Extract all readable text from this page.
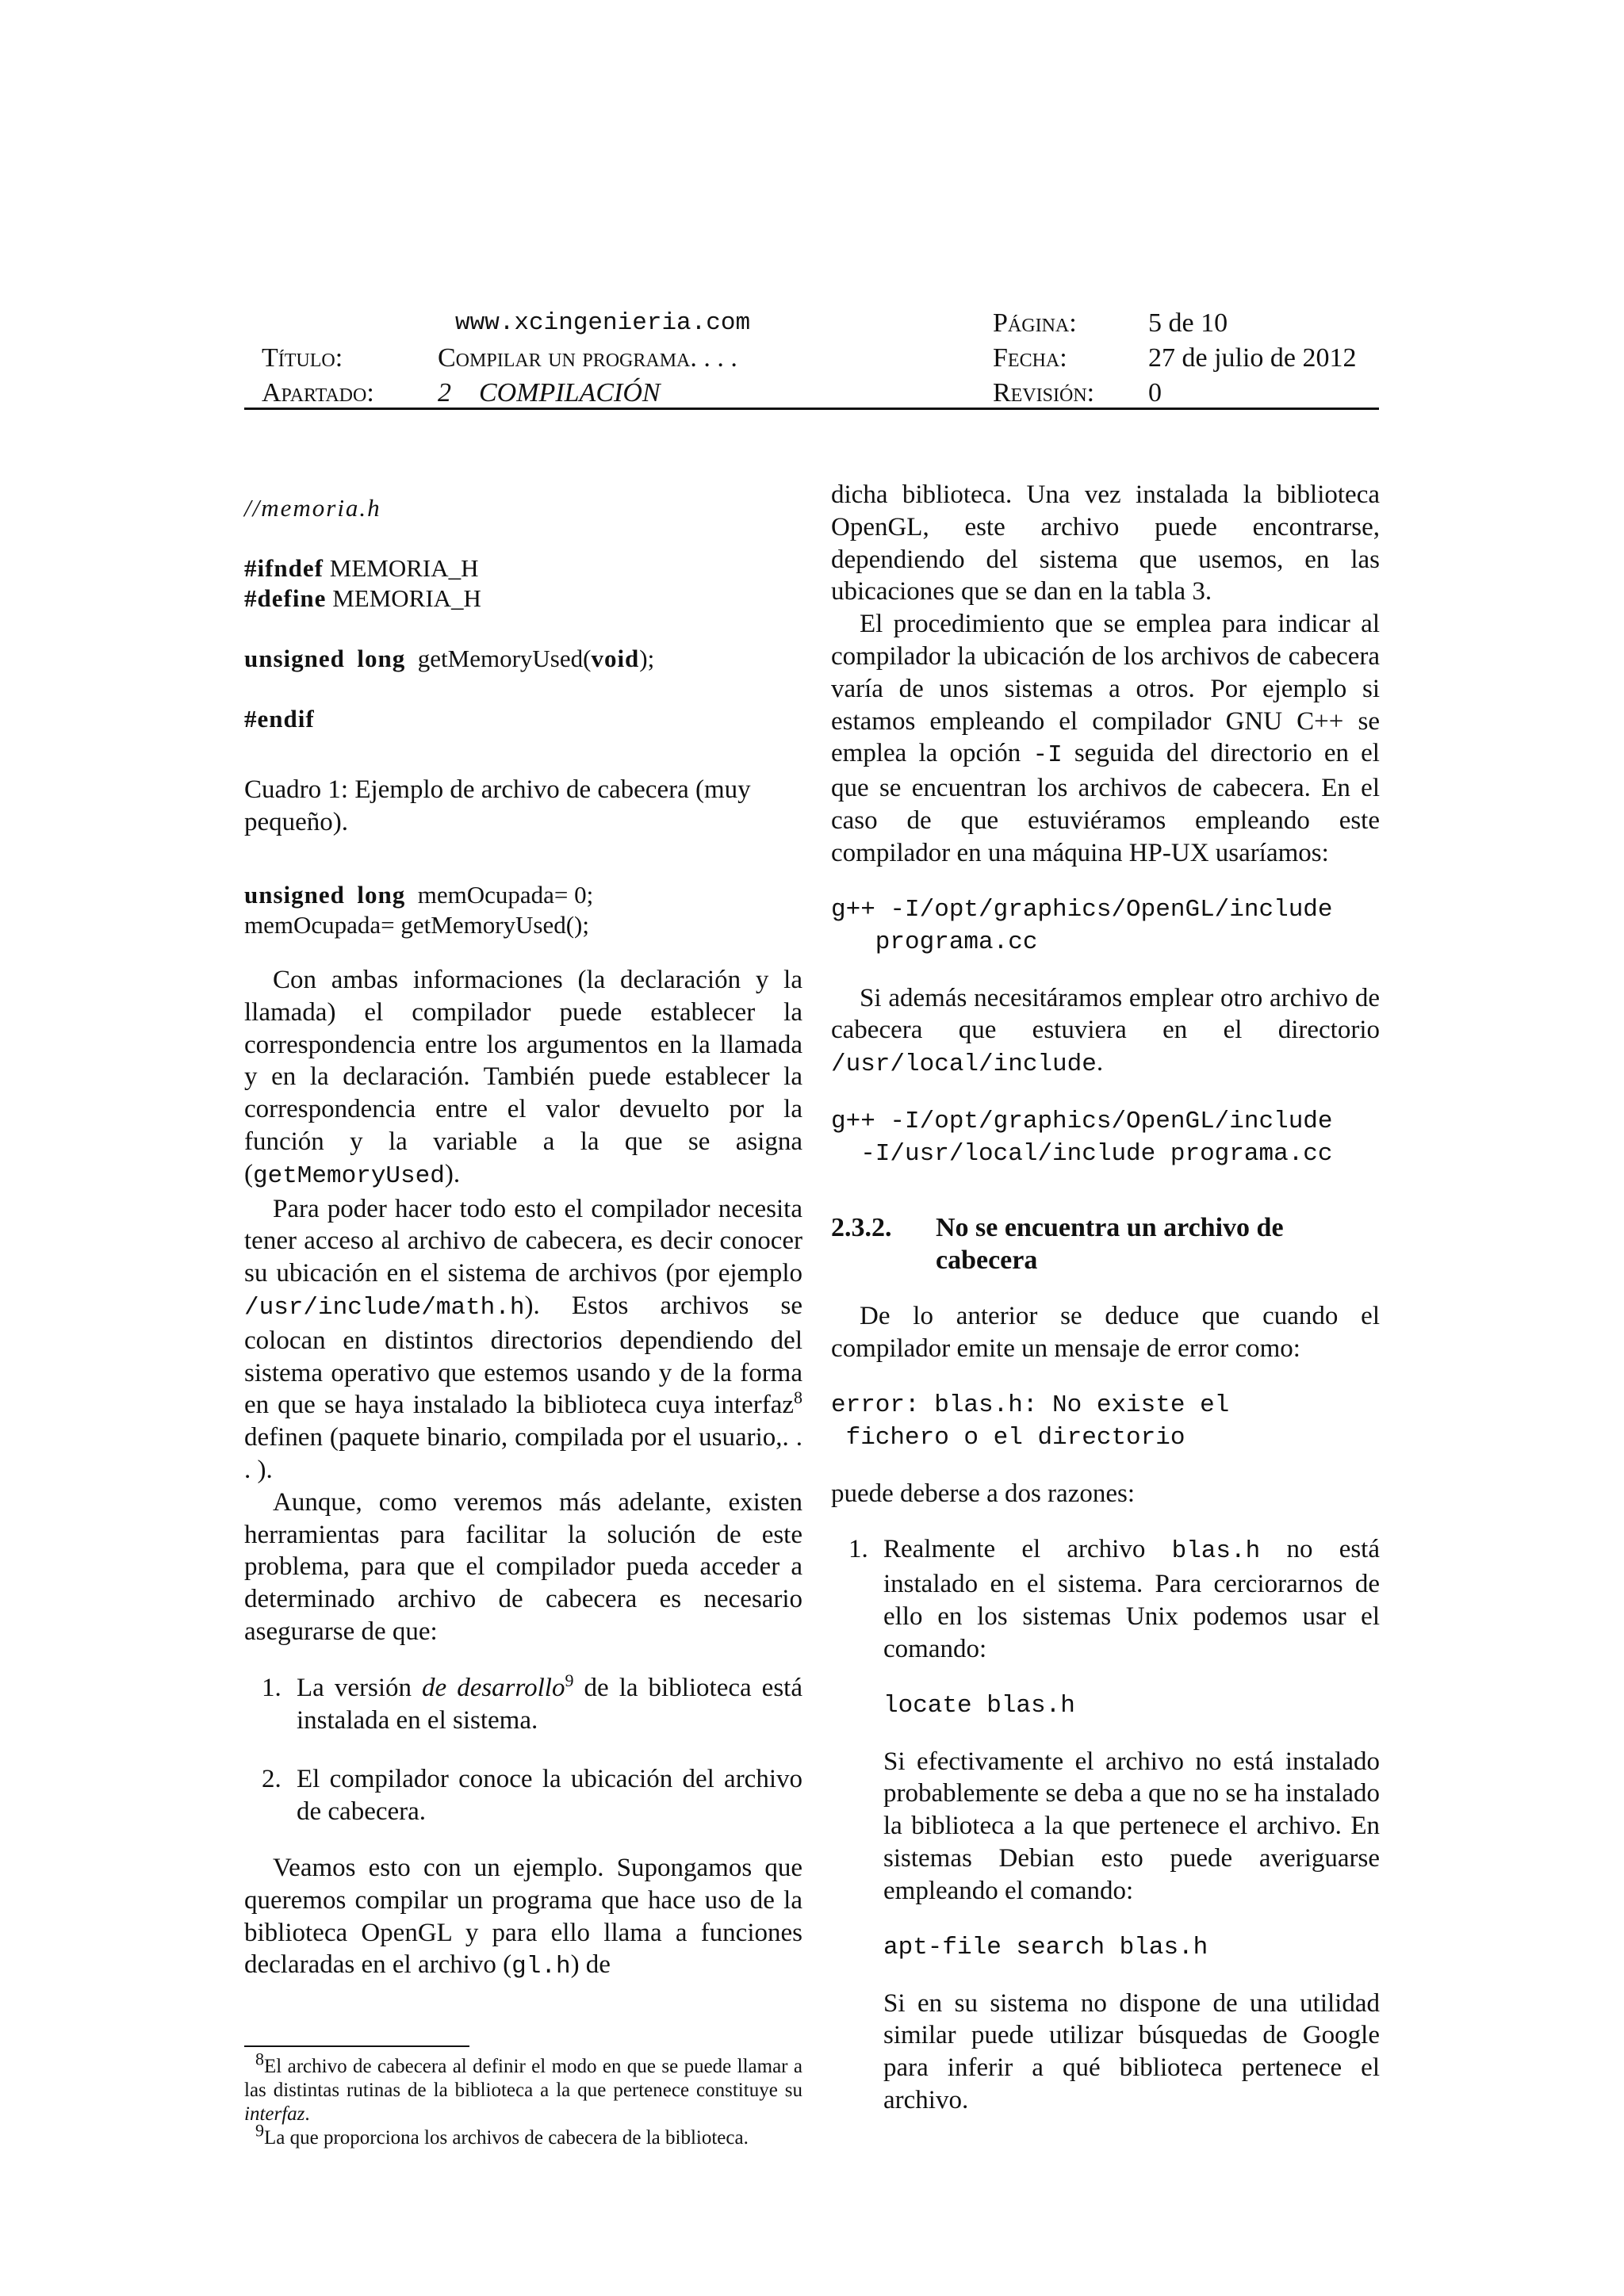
www.xcingenieria.com
Título:	Compilar un programa. . . .
Apartado: 2 COMPILACIÓN
Página:	5 de 10
Fecha:	27 de julio de 2012
Revisión: 0
//memoria.h
#ifndef MEMORIA_H
#define MEMORIA_H
unsigned long getMemoryUsed(void);
#endif

Cuadro 1: Ejemplo de archivo de cabecera (muy pequeño).

unsigned long memOcupada= 0;
memOcupada= getMemoryUsed();

Con ambas informaciones (la declaración y la llamada) el compilador puede establecer la correspondencia entre los argumentos en la llamada y en la declaración. También puede establecer la correspondencia entre el valor devuelto por la función y la variable a la que se asigna (getMemoryUsed).

Para poder hacer todo esto el compilador necesita tener acceso al archivo de cabecera, es decir conocer su ubicación en el sistema de archivos (por ejemplo /usr/include/math.h). Estos archivos se colocan en distintos directorios dependiendo del sistema operativo que estemos usando y de la forma en que se haya instalado la biblioteca cuya interfaz$^8$ definen (paquete binario, compilada por el usuario,. . . ).

Aunque, como veremos más adelante, existen herramientas para facilitar la solución de este problema, para que el compilador pueda acceder a determinado archivo de cabecera es necesario asegurarse de que:

1. La versión de desarrollo$^9$ de la biblioteca está instalada en el sistema.
2. El compilador conoce la ubicación del archivo de cabecera.

Veamos esto con un ejemplo. Supongamos que queremos compilar un programa que hace uso de la biblioteca OpenGL y para ello llama a funciones declaradas en el archivo (gl.h) de

$^8$El archivo de cabecera al definir el modo en que se puede llamar a las distintas rutinas de la biblioteca a la que pertenece constituye su interfaz.

$^9$La que proporciona los archivos de cabecera de la biblioteca.

dicha biblioteca. Una vez instalada la biblioteca OpenGL, este archivo puede encontrarse, dependiendo del sistema que usemos, en las ubicaciones que se dan en la tabla 3.

El procedimiento que se emplea para indicar al compilador la ubicación de los archivos de cabecera varía de unos sistemas a otros. Por ejemplo si estamos empleando el compilador GNU C++ se emplea la opción -I seguida del directorio en el que se encuentran los archivos de cabecera. En el caso de que estuviéramos empleando este compilador en una máquina HP-UX usaríamos:

g++ -I/opt/graphics/OpenGL/include
programa.cc

Si además necesitáramos emplear otro archivo de cabecera que estuviera en el directorio /usr/local/include.

g++ -I/opt/graphics/OpenGL/include
-I/usr/local/include programa.cc
2.3.2. No se encuentra un archivo de cabecera

De lo anterior se deduce que cuando el compilador emite un mensaje de error como:

error: blas.h: No existe el
fichero o el directorio

puede deberse a dos razones:

1. Realmente el archivo blas.h no está instalado en el sistema. Para cerciorarnos de ello en los sistemas Unix podemos usar el comando:

locate blas.h

Si efectivamente el archivo no está instalado probablemente se deba a que no se ha instalado la biblioteca a la que pertenece el archivo. En sistemas Debian esto puede averiguarse empleando el comando:

apt-file search blas.h

Si en su sistema no dispone de una utilidad similar puede utilizar búsquedas de Google para inferir a qué biblioteca pertenece el archivo.
